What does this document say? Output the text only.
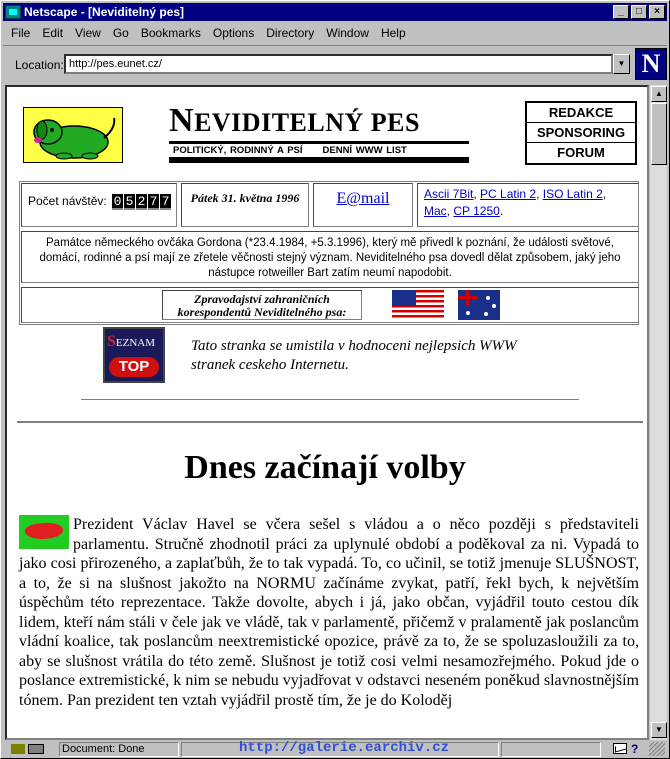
Netscape - [Neviditelný pes]	_	□	×
File	Edit	View	Go	Bookmarks	Options	Directory	Window	Help
Location: http://pes.eunet.cz/	▼ N
NEVIDITELNÝ PES
POLITICKÝ, RODINNÝ A PSÍ DENNÍ WWW LIST
REDAKCE
SPONSORING
FORUM
Počet návštěv: 0 5 2 7 7	Pátek 31. května 1996	E@mail	Ascii 7Bit, PC Latin 2, ISO Latin 2, Mac, CP 1250.
Památce německého ovčáka Gordona (*23.4.1984, +5.3.1996), který mě přivedl k poznání, že události světové, domácí, rodinné a psí mají ze zřetele věčnosti stejný význam. Neviditelného psa dovedl dělat způsobem, jaký jeho nástupce rotweiller Bart zatím neumí napodobit.
Zpravodajství zahraničních korespondentů Neviditelného psa:
SEZNAM
TOP
Tato stranka se umistila v hodnoceni nejlepsich WWW stranek ceskeho Internetu.
Dnes začínají volby
Prezident Václav Havel se včera sešel s vládou a o něco později s představiteli parlamentu. Stručně zhodnotil práci za uplynulé období a poděkoval za ni. Vypadá to jako cosi přirozeného, a zaplaťbůh, že to tak vypadá. To, co učinil, se totiž jmenuje SLUŠNOST, a to, že si na slušnost jakožto na NORMU začínáme zvykat, patří, řekl bych, k největším úspěchům této reprezentace. Takže dovolte, abych i já, jako občan, vyjádřil touto cestou dík lidem, kteří nám stáli v čele jak ve vládě, tak v parlamentě, přičemž v pralamentě jak poslancům vládní koalice, tak poslancům neextremistické opozice, právě za to, že se spoluzasloužili za to, aby se slušnost vrátila do této země. Slušnost je totiž cosi velmi nesamozřejmého. Pokud jde o poslance extremistické, k nim se nebudu vyjadřovat v odstavci neseném poněkud slavnostnějším tónem. Pan prezident ten vztah vyjádřil prostě tím, že je do Koloděj
▲
▼
Document: Done	http://galerie.earchiv.cz	?
